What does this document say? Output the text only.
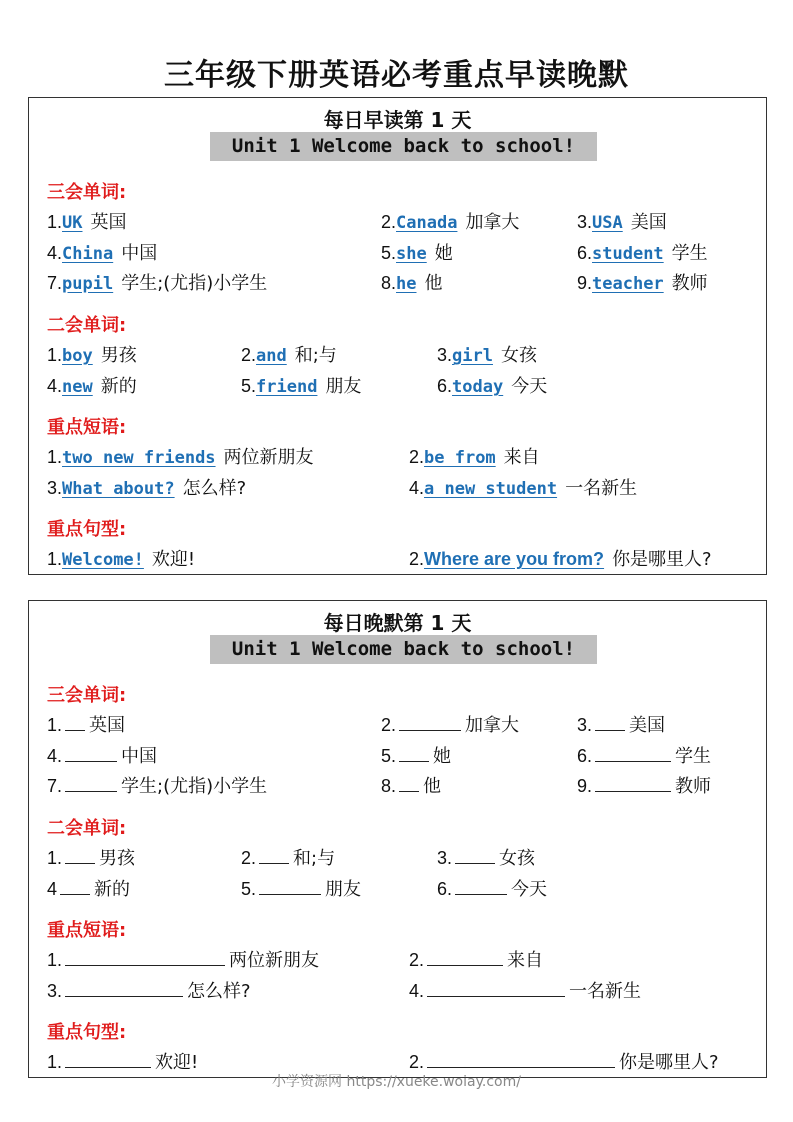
三年级下册英语必考重点早读晚默
每日早读第 1 天
Unit 1 Welcome back to school!
三会单词:
1.UK 英国	2.Canada 加拿大	3.USA 美国
4.China 中国	5.she 她	6.student 学生
7.pupil 学生;(尤指)小学生	8.he 他	9.teacher 教师
二会单词:
1.boy 男孩	2.and 和;与	3.girl 女孩
4.new 新的	5.friend 朋友	6.today 今天
重点短语:
1.two new friends 两位新朋友	2.be from 来自
3.What about? 怎么样?	4.a new student 一名新生
重点句型:
1.Welcome! 欢迎!	2.Where are you from? 你是哪里人?
每日晚默第 1 天
Unit 1 Welcome back to school!
三会单词:
1. 英国	2.	加拿大	3. 美国
4.	中国	5. 她	6.	学生
7.	学生;(尤指)小学生	8. 他	9.	教师
二会单词:
1. 男孩	2. 和;与	3.	女孩
4 新的	5.	朋友	6.	今天
重点短语:
1.	两位新朋友	2.	来自
3.	怎么样?	4.	一名新生
重点句型:
1.	欢迎!	2.	你是哪里人?
小学资源网 https://xueke.woiay.com/
